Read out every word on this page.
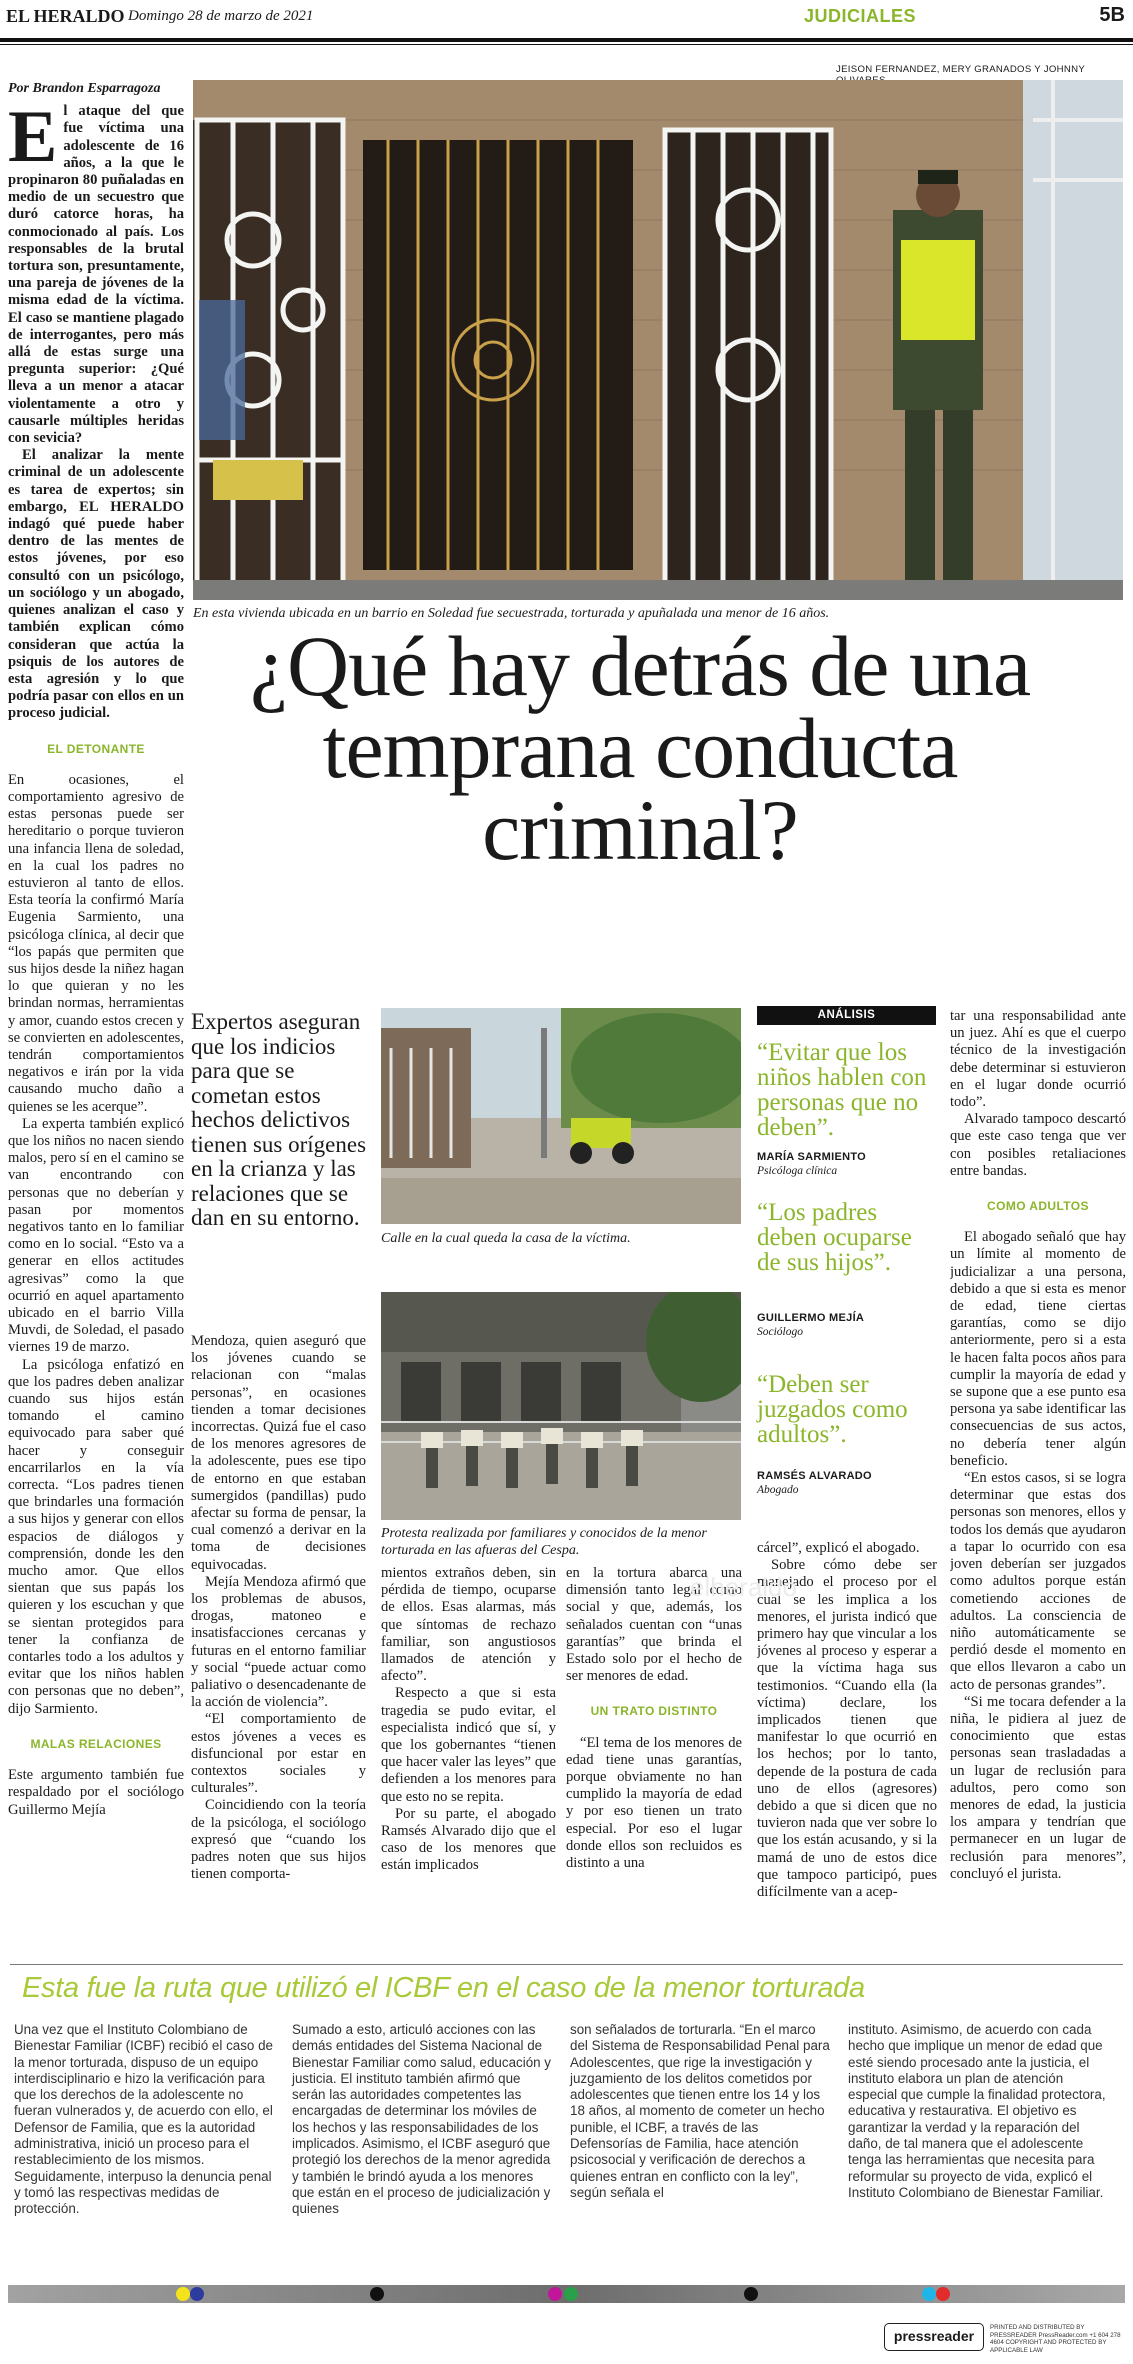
EL HERALDO Domingo 28 de marzo de 2021	JUDICIALES	5B
Por Brandon Esparragoza

El ataque del que fue víctima una adolescente de 16 años, a la que le propinaron 80 puñaladas en medio de un secuestro que duró catorce horas, ha conmocionado al país. Los responsables de la brutal tortura son, presuntamente, una pareja de jóvenes de la misma edad de la víctima. El caso se mantiene plagado de interrogantes, pero más allá de estas surge una pregunta superior: ¿Qué lleva a un menor a atacar violentamente a otro y causarle múltiples heridas con sevicia?

El analizar la mente criminal de un adolescente es tarea de expertos; sin embargo, EL HERALDO indagó qué puede haber dentro de las mentes de estos jóvenes, por eso consultó con un psicólogo, un sociólogo y un abogado, quienes analizan el caso y también explican cómo consideran que actúa la psiquis de los autores de esta agresión y lo que podría pasar con ellos en un proceso judicial.

EL DETONANTE

En ocasiones, el comportamiento agresivo de estas personas puede ser hereditario o porque tuvieron una infancia llena de soledad, en la cual los padres no estuvieron al tanto de ellos. Esta teoría la confirmó María Eugenia Sarmiento, una psicóloga clínica, al decir que “los papás que permiten que sus hijos desde la niñez hagan lo que quieran y no les brindan normas, herramientas y amor, cuando estos crecen y se convierten en adolescentes, tendrán comportamientos negativos e irán por la vida causando mucho daño a quienes se les acerque”.

La experta también explicó que los niños no nacen siendo malos, pero sí en el camino se van encontrando con personas que no deberían y pasan por momentos negativos tanto en lo familiar como en lo social. “Esto va a generar en ellos actitudes agresivas” como la que ocurrió en aquel apartamento ubicado en el barrio Villa Muvdi, de Soledad, el pasado viernes 19 de marzo.

La psicóloga enfatizó en que los padres deben analizar cuando sus hijos están tomando el camino equivocado para saber qué hacer y conseguir encarrilarlos en la vía correcta. “Los padres tienen que brindarles una formación a sus hijos y generar con ellos espacios de diálogos y comprensión, donde les den mucho amor. Que ellos sientan que sus papás los quieren y los escuchan y que se sientan protegidos para tener la confianza de contarles todo a los adultos y evitar que los niños hablen con personas que no deben”, dijo Sarmiento.

MALAS RELACIONES

Este argumento también fue respaldado por el sociólogo Guillermo Mejía

JEISON FERNANDEZ, MERY GRANADOS Y JOHNNY
En esta vivienda ubicada en un barrio en Soledad fue secuestrada, torturada y apuñalada una menor de 16 años.
¿Qué hay detrás de una temprana conducta criminal?
Expertos aseguran que los indicios para que se cometan estos hechos delictivos tienen sus orígenes en la crianza y las relaciones que se dan en su entorno.

Mendoza, quien aseguró que los jóvenes cuando se relacionan con “malas personas”, en ocasiones tienden a tomar decisiones incorrectas. Quizá fue el caso de los menores agresores de la adolescente, pues ese tipo de entorno en que estaban sumergidos (pandillas) pudo afectar su forma de pensar, la cual comenzó a derivar en la toma de decisiones equivocadas.

Mejía Mendoza afirmó que los problemas de abusos, drogas, matoneo e insatisfacciones cercanas y futuras en el entorno familiar y social “puede actuar como paliativo o desencadenante de la acción de violencia”.

“El comportamiento de estos jóvenes a veces es disfuncional por estar en contextos sociales y culturales”.

Coincidiendo con la teoría de la psicóloga, el sociólogo expresó que “cuando los padres noten que sus hijos tienen comporta-

Calle en la cual queda la casa de la víctima.
Protesta realizada por familiares y conocidos de la menor torturada en las afueras del Cespa.

mientos extraños deben, sin pérdida de tiempo, ocuparse de ellos. Esas alarmas, más que síntomas de rechazo familiar, son angustiosos llamados de atención y afecto”.

Respecto a que si esta tragedia se pudo evitar, el especialista indicó que sí, y que los gobernantes “tienen que hacer valer las leyes” que defienden a los menores para que esto no se repita.

Por su parte, el abogado Ramsés Alvarado dijo que el caso de los menores que están implicados

en la tortura abarca una dimensión tanto legal como social y que, además, los señalados cuentan con “unas garantías” que brinda el Estado solo por el hecho de ser menores de edad.

UN TRATO DISTINTO

“El tema de los menores de edad tiene unas garantías, porque obviamente no han cumplido la mayoría de edad y por eso tienen un trato especial. Por eso el lugar donde ellos son recluidos es distinto a una

ANÁLISIS
“Evitar que los niños hablen con personas que no deben”.
MARÍA SARMIENTO
Psicóloga clínica
“Los padres deben ocuparse de sus hijos”.
GUILLERMO MEJÍA
Sociólogo
“Deben ser juzgados como adultos”.
RAMSÉS ALVARADO
Abogado

cárcel”, explicó el abogado.

Sobre cómo debe ser manejado el proceso por el cual se les implica a los menores, el jurista indicó que primero hay que vincular a los jóvenes al proceso y esperar a que la víctima haga sus testimonios. “Cuando ella (la víctima) declare, los implicados tienen que manifestar lo que ocurrió en los hechos; por lo tanto, depende de la postura de cada uno de ellos (agresores) debido a que si dicen que no tuvieron nada que ver sobre lo que los están acusando, y si la mamá de uno de estos dice que tampoco participó, pues difícilmente van a acep-

tar una responsabilidad ante un juez. Ahí es que el cuerpo técnico de la investigación debe determinar si estuvieron en el lugar donde ocurrió todo”.

Alvarado tampoco descartó que este caso tenga que ver con posibles retaliaciones entre bandas.

COMO ADULTOS

El abogado señaló que hay un límite al momento de judicializar a una persona, debido a que si esta es menor de edad, tiene ciertas garantías, como se dijo anteriormente, pero si a esta le hacen falta pocos años para cumplir la mayoría de edad y se supone que a ese punto esa persona ya sabe identificar las consecuencias de sus actos, no debería tener algún beneficio.

“En estos casos, si se logra determinar que estas dos personas son menores, ellos y todos los demás que ayudaron a tapar lo ocurrido con esa joven deberían ser juzgados como adultos porque están cometiendo acciones de adultos. La consciencia de niño automáticamente se perdió desde el momento en que ellos llevaron a cabo un acto de personas grandes”.

“Si me tocara defender a la niña, le pidiera al juez de conocimiento que estas personas sean trasladadas a un lugar de reclusión para adultos, pero como son menores de edad, la justicia los ampara y tendrían que permanecer en un lugar de reclusión para menores”, concluyó el jurista.

elheraldo
Esta fue la ruta que utilizó el ICBF en el caso de la menor torturada
Una vez que el Instituto Colombiano de Bienestar Familiar (ICBF) recibió el caso de la menor torturada, dispuso de un equipo interdisciplinario e hizo la verificación para que los derechos de la adolescente no fueran vulnerados y, de acuerdo con ello, el Defensor de Familia, que es la autoridad administrativa, inició un proceso para el restablecimiento de los mismos. Seguidamente, interpuso la denuncia penal y tomó las respectivas medidas de protección.
Sumado a esto, articuló acciones con las demás entidades del Sistema Nacional de Bienestar Familiar como salud, educación y justicia. El instituto también afirmó que serán las autoridades competentes las encargadas de determinar los móviles de los hechos y las responsabilidades de los implicados. Asimismo, el ICBF aseguró que protegió los derechos de la menor agredida y también le brindó ayuda a los menores que están en el proceso de judicialización y quienes
son señalados de torturarla. “En el marco del Sistema de Responsabilidad Penal para Adolescentes, que rige la investigación y juzgamiento de los delitos cometidos por adolescentes que tienen entre los 14 y los 18 años, al momento de cometer un hecho punible, el ICBF, a través de las Defensorías de Familia, hace atención psicosocial y verificación de derechos a quienes entran en conflicto con la ley”, según señala el
instituto. Asimismo, de acuerdo con cada hecho que implique un menor de edad que esté siendo procesado ante la justicia, el instituto elabora un plan de atención especial que cumple la finalidad protectora, educativa y restaurativa. El objetivo es garantizar la verdad y la reparación del daño, de tal manera que el adolescente tenga las herramientas que necesita para reformular su proyecto de vida, explicó el Instituto Colombiano de Bienestar Familiar.
pressreader
PRINTED AND DISTRIBUTED BY PRESSREADER PressReader.com +1 604 278 4604 COPYRIGHT AND PROTECTED BY APPLICABLE LAW
